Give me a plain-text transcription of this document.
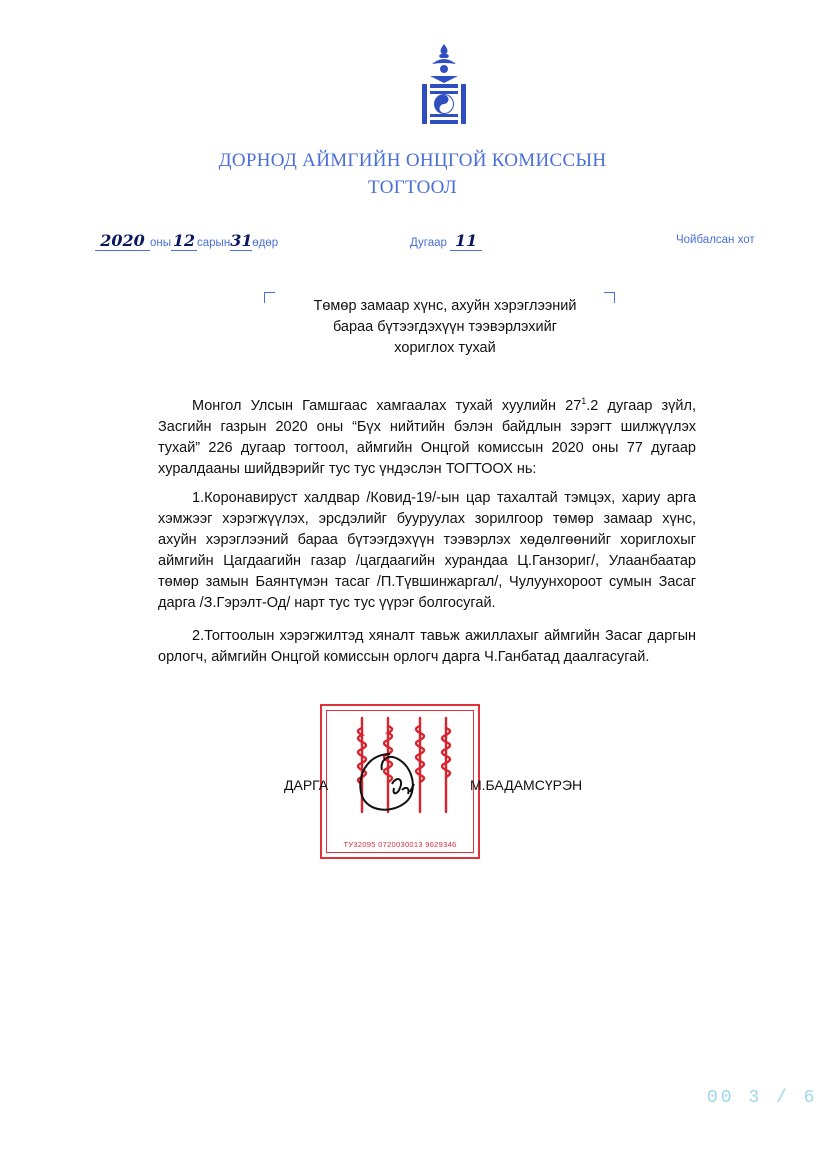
ДОРНОД АЙМГИЙН ОНЦГОЙ КОМИССЫН
ТОГТООЛ
2020 оны 12 сарын31өдөр	Дугаар 11	Чойбалсан хот
Төмөр замаар хүнс, ахуйн хэрэглээний
бараа бүтээгдэхүүн тээвэрлэхийг
хориглох тухай
Монгол Улсын Гамшгаас хамгаалах тухай хуулийн $27^1.2$ дугаар зүйл, Засгийн газрын 2020 оны “Бүх нийтийн бэлэн байдлын зэрэгт шилжүүлэх тухай” 226 дугаар тогтоол, аймгийн Онцгой комиссын 2020 оны 77 дугаар хуралдааны шийдвэрийг тус тус үндэслэн ТОГТООХ нь:
1.Коронавируст халдвар /Ковид-19/-ын цар тахалтай тэмцэх, хариу арга хэмжээг хэрэгжүүлэх, эрсдэлийг бууруулах зорилгоор төмөр замаар хүнс, ахуйн хэрэглээний бараа бүтээгдэхүүн тээвэрлэх хөдөлгөөнийг хориглохыг аймгийн Цагдаагийн газар /цагдаагийн хурандаа Ц.Ганзориг/, Улаанбаатар төмөр замын Баянтүмэн тасаг /П.Түвшинжаргал/, Чулуунхороот сумын Засаг дарга /З.Гэрэлт-Од/ нарт тус тус үүрэг болгосугай.
2.Тогтоолын хэрэгжилтэд хяналт тавьж ажиллахыг аймгийн Засаг даргын орлогч, аймгийн Онцгой комиссын орлогч дарга Ч.Ганбатад даалгасугай.
ТУ32095 0720030013 9629346
ДАРГА	М.БАДАМСҮРЭН
00 3 / 6
